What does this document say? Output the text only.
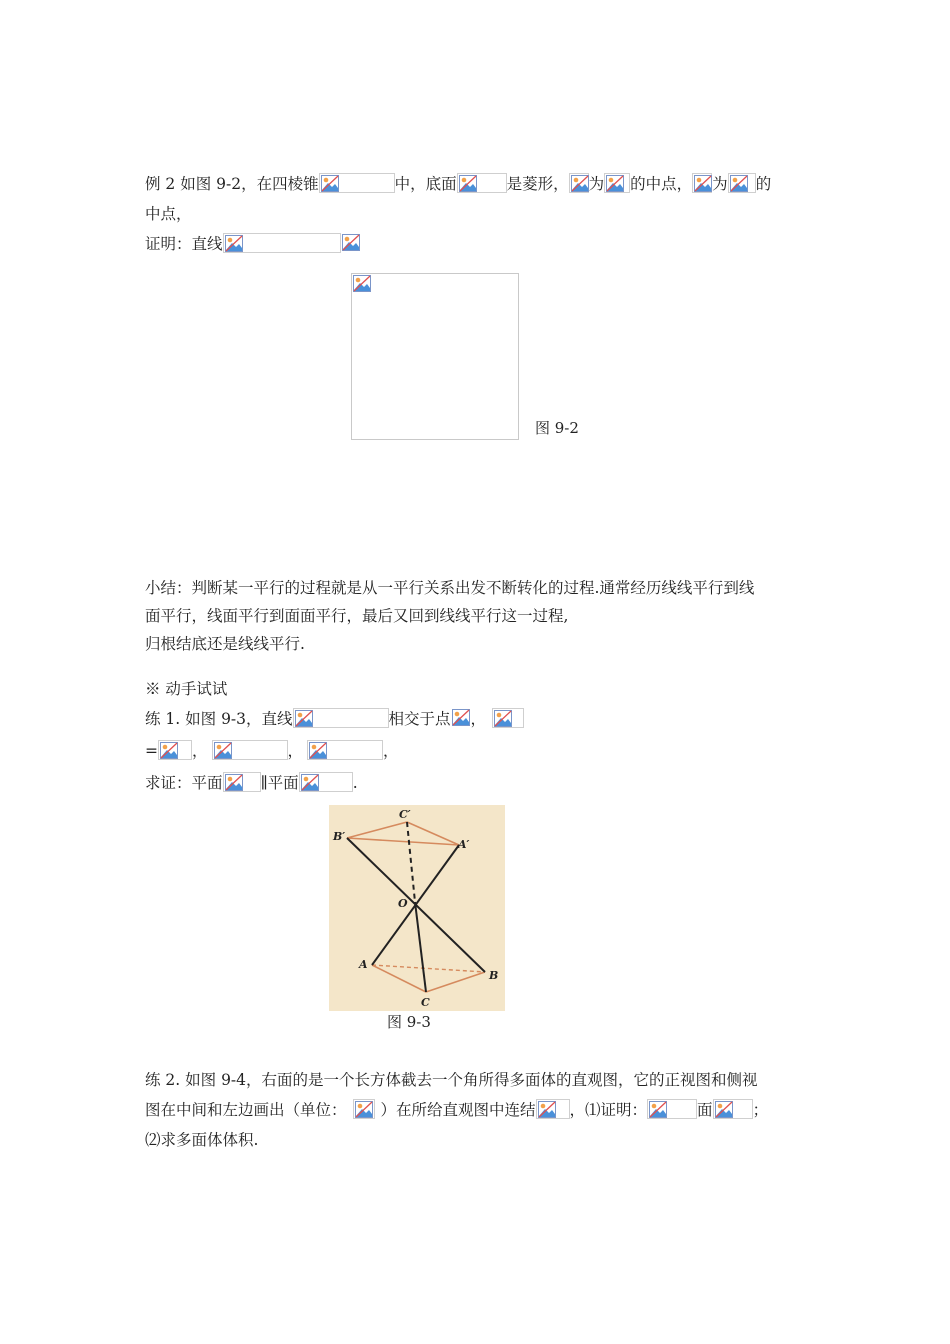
例 2 如图 9-2，在四棱锥	中，底面	是菱形， 为 的中点， 为 的
中点，
证明：直线
图 9-2
小结：判断某一平行的过程就是从一平行关系出发不断转化的过程.通常经历线线平行到线
面平行，线面平行到面面平行，最后又回到线线平行这一过程,
归根结底还是线线平行.
※ 动手试试
练 1. 如图 9-3，直线	相交于点 ，
= ，	，	，
求证：平面 ∥平面	.
B′
C′
A′
O
A
B
C
图 9-3
练 2. 如图 9-4，右面的是一个长方体截去一个角所得多面体的直观图，它的正视图和侧视
图在中间和左边画出（单位： ）在所给直观图中连结 ，⑴证明：	面	；
⑵求多面体体积.
